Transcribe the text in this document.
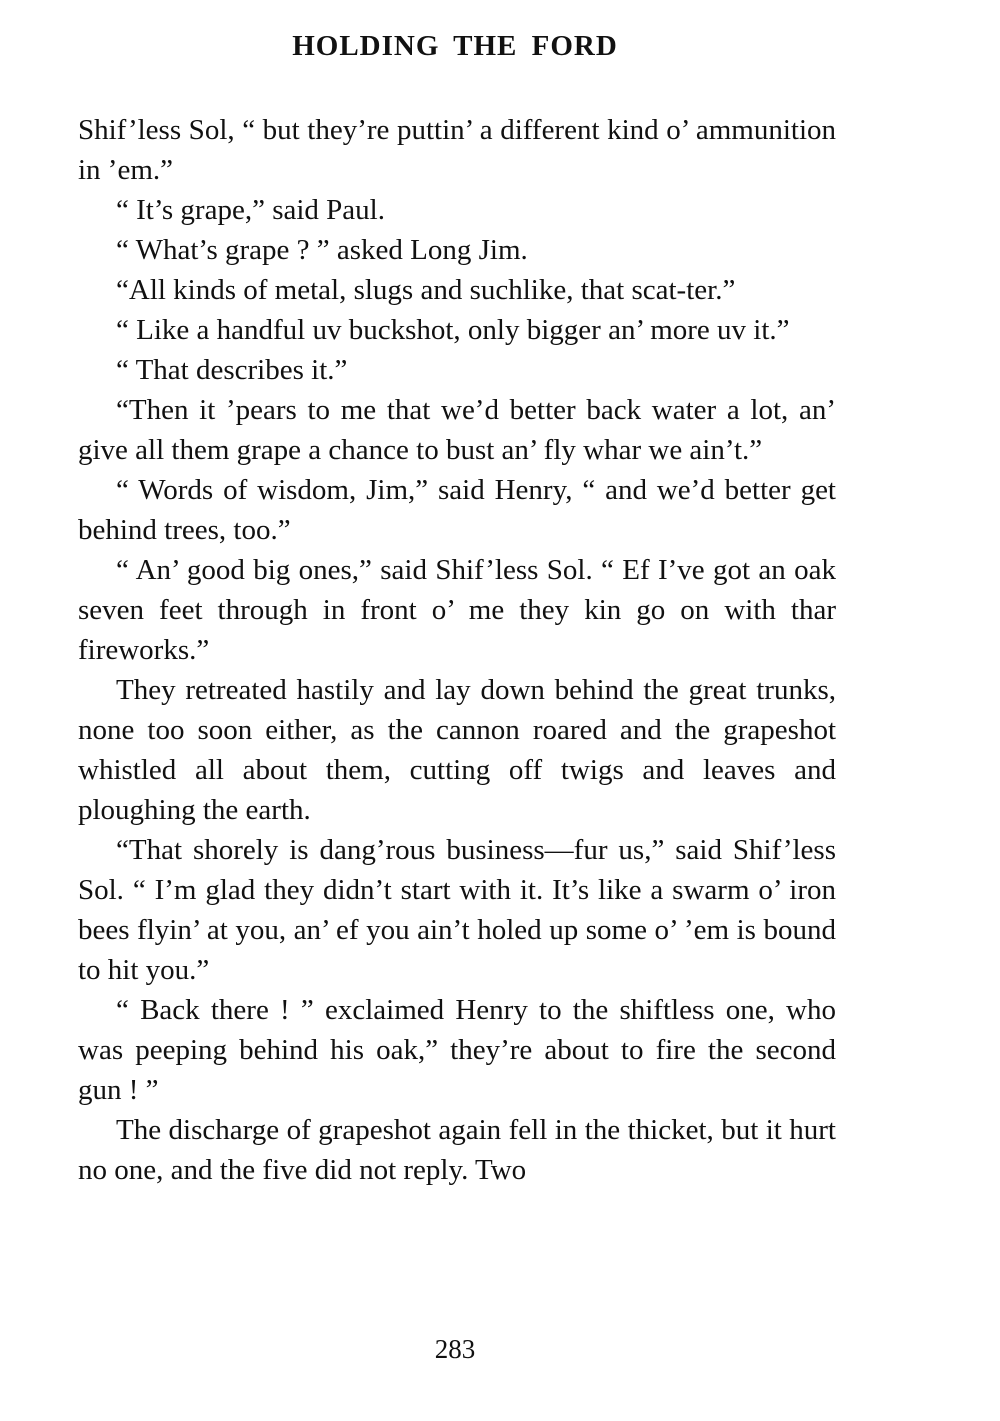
HOLDING THE FORD

Shif’less Sol, “ but they’re puttin’ a different kind o’ ammunition in ’em.”

“ It’s grape,” said Paul.

“ What’s grape ? ” asked Long Jim.

“All kinds of metal, slugs and suchlike, that scat-ter.”

“ Like a handful uv buckshot, only bigger an’ more uv it.”

“ That describes it.”

“Then it ’pears to me that we’d better back water a lot, an’ give all them grape a chance to bust an’ fly whar we ain’t.”

“ Words of wisdom, Jim,” said Henry, “ and we’d better get behind trees, too.”

“ An’ good big ones,” said Shif’less Sol. “ Ef I’ve got an oak seven feet through in front o’ me they kin go on with thar fireworks.”

They retreated hastily and lay down behind the great trunks, none too soon either, as the cannon roared and the grapeshot whistled all about them, cutting off twigs and leaves and ploughing the earth.

“That shorely is dang’rous business—fur us,” said Shif’less Sol. “ I’m glad they didn’t start with it. It’s like a swarm o’ iron bees flyin’ at you, an’ ef you ain’t holed up some o’ ’em is bound to hit you.”

“ Back there ! ” exclaimed Henry to the shiftless one, who was peeping behind his oak,” they’re about to fire the second gun ! ”

The discharge of grapeshot again fell in the thicket, but it hurt no one, and the five did not reply. Two

283
